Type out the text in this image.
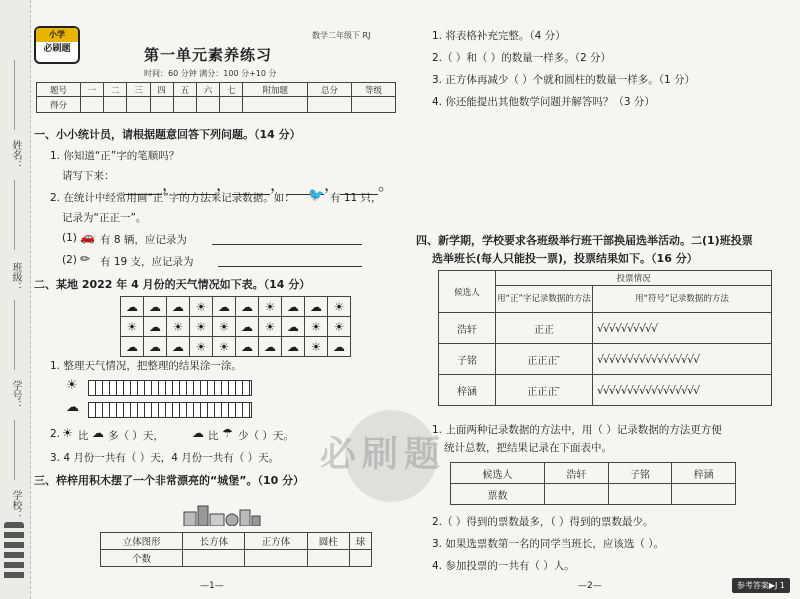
姓名：
班级：
学号：
学校：
小学
必刷题
数学二年级下 RJ
第一单元素养练习
时间：60 分钟 满分：100 分+10 分
题号	一	二	三	四	五	六	七	附加题	总分	等级
得分										
一、小小统计员，请根据题意回答下列问题。（14 分）
1. 你知道“正”字的笔顺吗？
请写下来：	， ， ， ， 。
2. 在统计中经常用画“正”字的方法来记录数据。如： 🐦 有 11 只，
记录为“正正一”。
(1) 🚗 有 8 辆，应记录为
(2) ✏ 有 19 支，应记录为
二、某地 2022 年 4 月份的天气情况如下表。（14 分）
☁	☁	☁	☀	☁	☁	☀	☁	☁	☀
☀	☁	☀	☀	☀	☁	☀	☁	☀	☀
☁	☁	☁	☀	☀	☁	☁	☁	☀	☁
1. 整理天气情况，把整理的结果涂一涂。
☀
☁
2. ☀ 比 ☁ 多（ ）天， ☁ 比 ☂ 少（ ）天。
3. 4 月份一共有（ ）天，4 月份一共有（ ）天。
三、梓梓用积木摆了一个非常漂亮的“城堡”。（10 分）
立体图形	长方体	正方体	圆柱	球
个数				
—1—
必刷题
1. 将表格补充完整。（4 分）
2.（ ）和（ ）的数量一样多。（2 分）
3. 正方体再减少（ ）个就和圆柱的数量一样多。（1 分）
4. 你还能提出其他数学问题并解答吗？（3 分）
四、新学期，学校要求各班级举行班干部换届选举活动。二(1)班投票
选举班长(每人只能投一票)，投票结果如下。（16 分）
候选人	投票情况	
	用“正”字记录数据的方法	用“符号”记录数据的方法
浩轩	正正	√√√√√√√√√√
子铭	正正正 ̄	√√√√√√√√√√√√√√√√√
梓涵	正正正 ̄	√√√√√√√√√√√√√√√√√
1. 上面两种记录数据的方法中，用（ ）记录数据的方法更方便
统计总数，把结果记录在下面表中。
候选人	浩轩	子铭	梓涵
票数			
2.（ ）得到的票数最多，（ ）得到的票数最少。
3. 如果选票数第一名的同学当班长，应该选（ ）。
4. 参加投票的一共有（ ）人。
—2—	参考答案▶J 1
